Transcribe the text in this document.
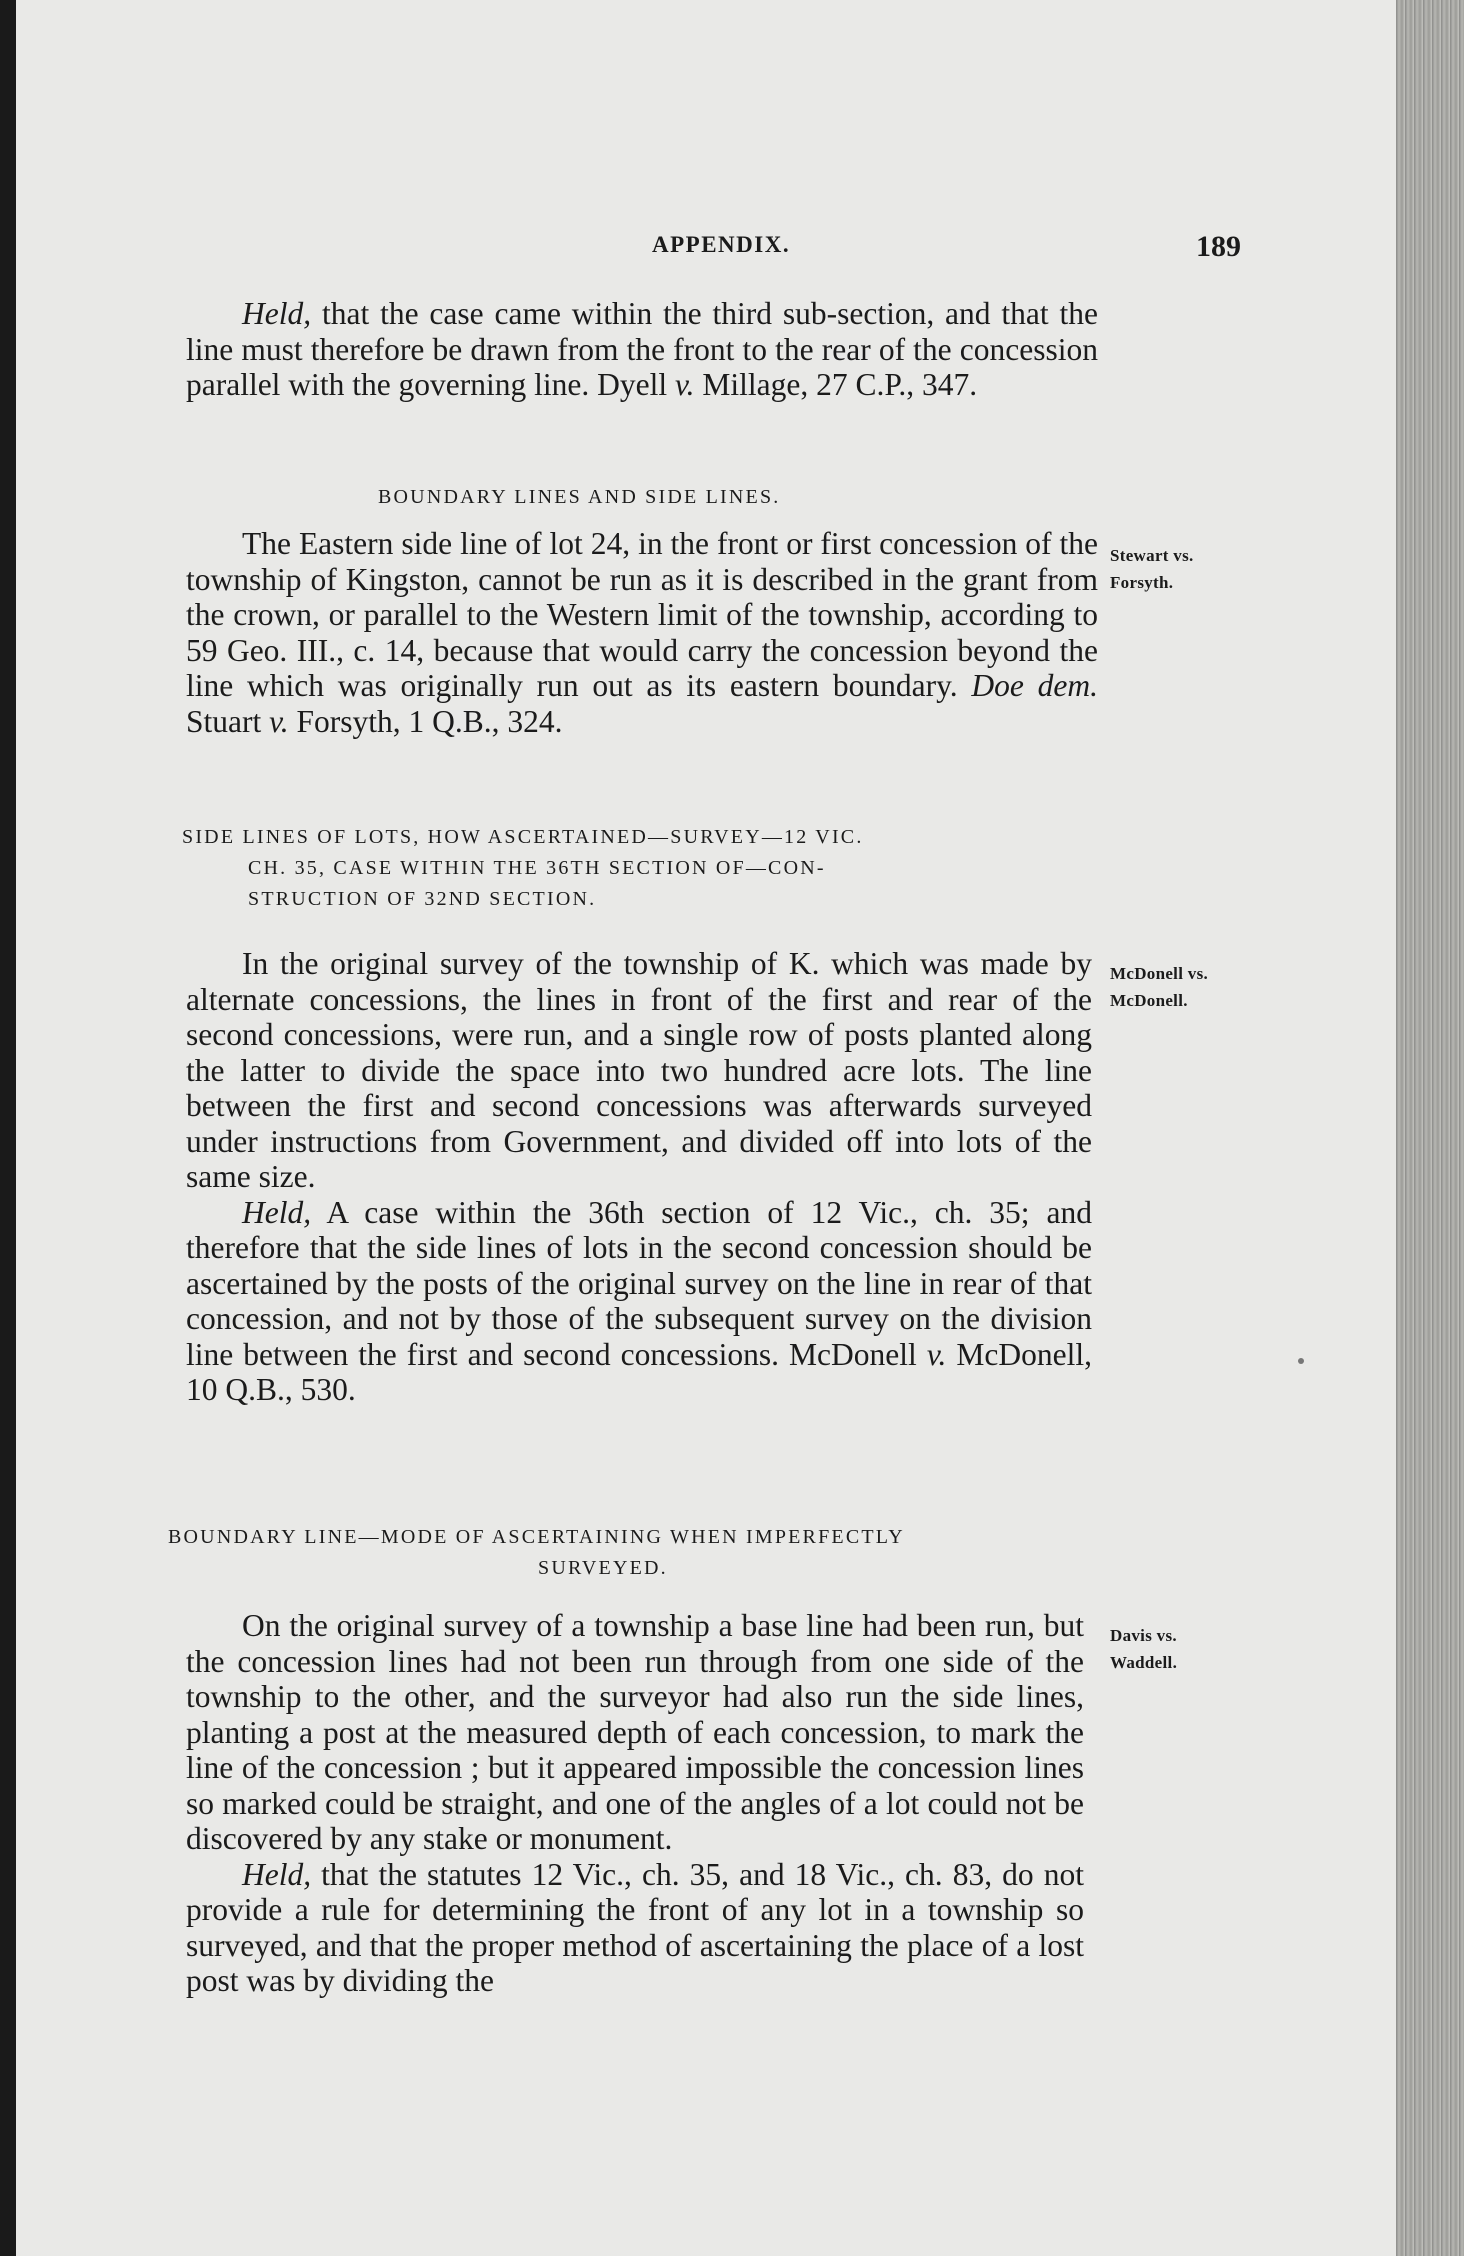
APPENDIX.	189

Held, that the case came within the third sub-section, and that the line must therefore be drawn from the front to the rear of the concession parallel with the governing line. Dyell v. Millage, 27 C.P., 347.

BOUNDARY LINES AND SIDE LINES.
Stewart vs.
Forsyth.

The Eastern side line of lot 24, in the front or first concession of the township of Kingston, cannot be run as it is described in the grant from the crown, or parallel to the Western limit of the township, according to 59 Geo. III., c. 14, because that would carry the concession beyond the line which was originally run out as its eastern boundary. Doe dem. Stuart v. Forsyth, 1 Q.B., 324.

SIDE LINES OF LOTS, HOW ASCERTAINED—SURVEY—12 VIC.
CH. 35, CASE WITHIN THE 36TH SECTION OF—CON-
STRUCTION OF 32ND SECTION.
McDonell vs.
McDonell.

In the original survey of the township of K. which was made by alternate concessions, the lines in front of the first and rear of the second concessions, were run, and a single row of posts planted along the latter to divide the space into two hundred acre lots. The line between the first and second concessions was afterwards surveyed under instructions from Government, and divided off into lots of the same size.

Held, A case within the 36th section of 12 Vic., ch. 35; and therefore that the side lines of lots in the second concession should be ascertained by the posts of the original survey on the line in rear of that concession, and not by those of the subsequent survey on the division line between the first and second concessions. McDonell v. McDonell, 10 Q.B., 530.

BOUNDARY LINE—MODE OF ASCERTAINING WHEN IMPERFECTLY
SURVEYED.
Davis vs.
Waddell.

On the original survey of a township a base line had been run, but the concession lines had not been run through from one side of the township to the other, and the surveyor had also run the side lines, planting a post at the measured depth of each concession, to mark the line of the concession ; but it appeared impossible the concession lines so marked could be straight, and one of the angles of a lot could not be discovered by any stake or monument.

Held, that the statutes 12 Vic., ch. 35, and 18 Vic., ch. 83, do not provide a rule for determining the front of any lot in a township so surveyed, and that the proper method of ascertaining the place of a lost post was by dividing the
